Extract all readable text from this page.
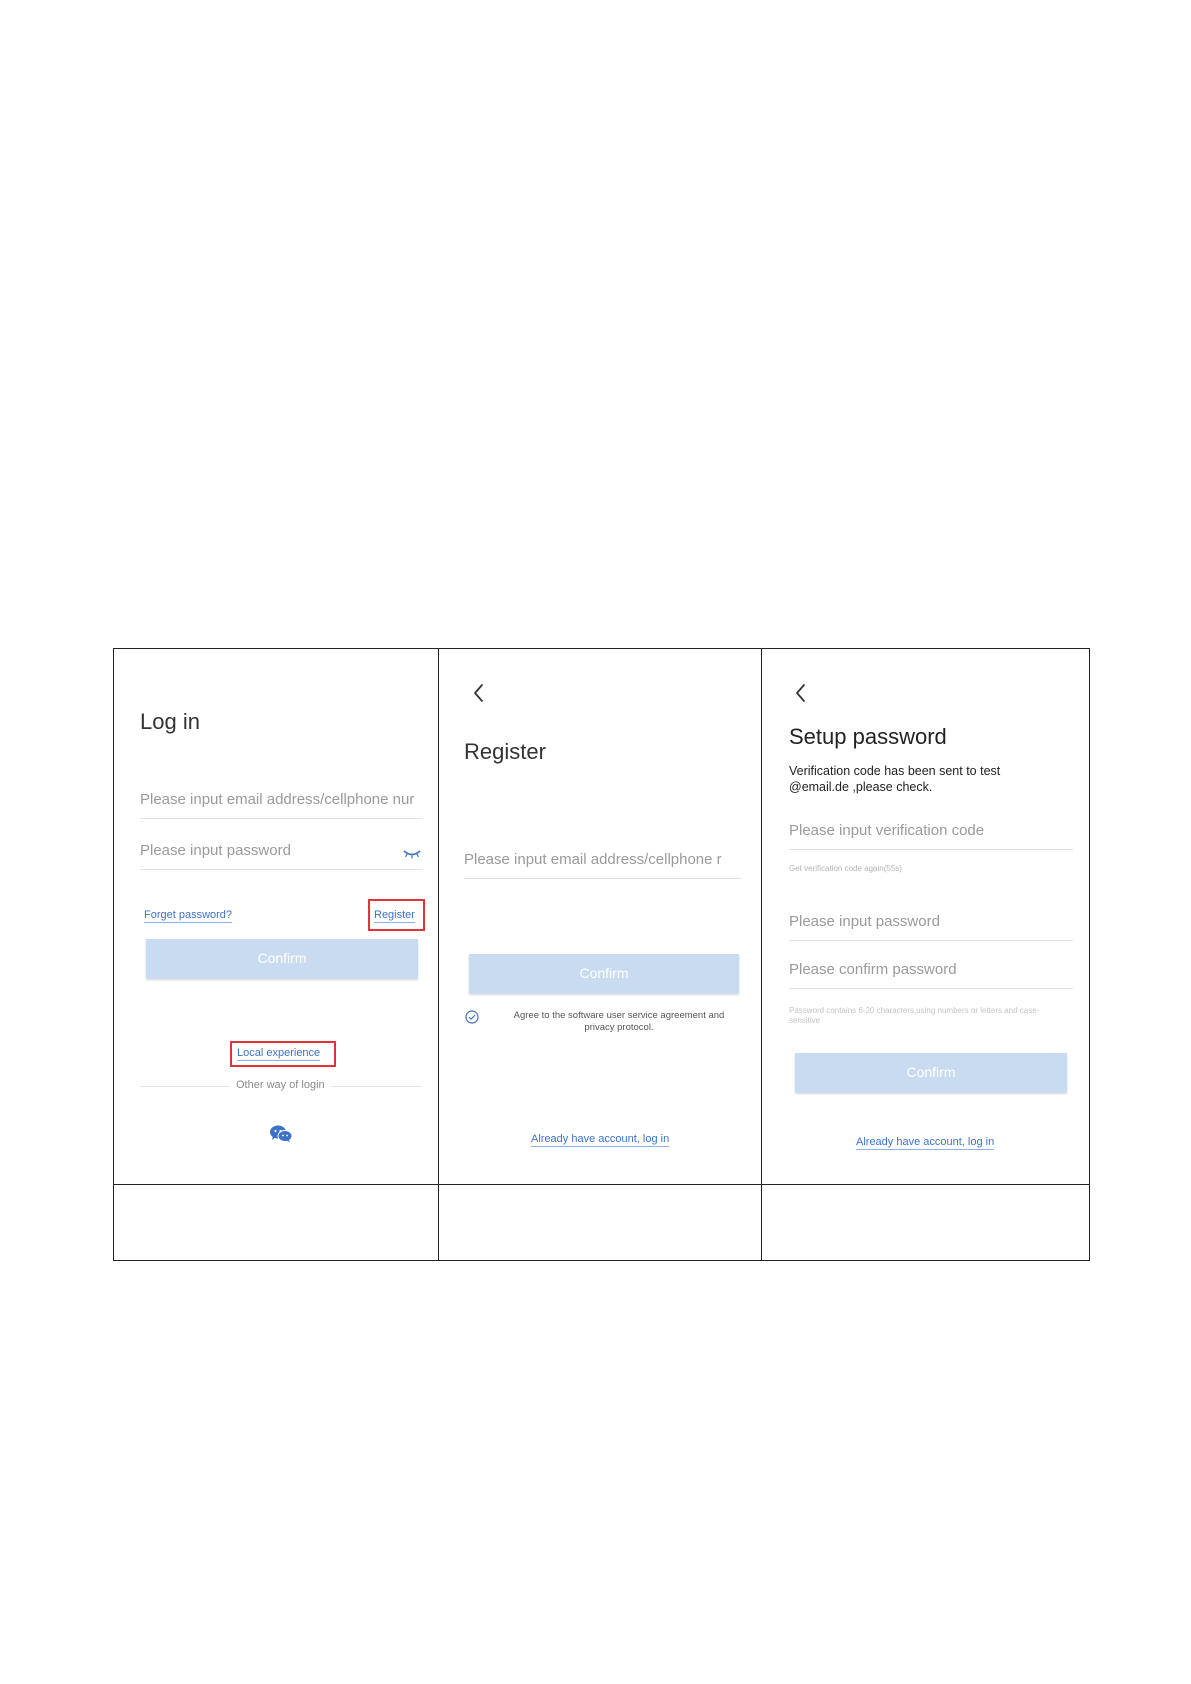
Log in
Please input email address/cellphone nur
Please input password
Forget password?	Register
Confirm
Local experience
Other way of login
Register
Please input email address/cellphone r
Confirm
Agree to the software user service agreement and privacy protocol.
Already have account, log in
Setup password
Verification code has been sent to test @email.de ,please check.
Please input verification code
Get verification code again(55s)
Please input password
Please confirm password
Password contains 6-20 characters,using numbers or letters and case-sensitive
Confirm
Already have account, log in
